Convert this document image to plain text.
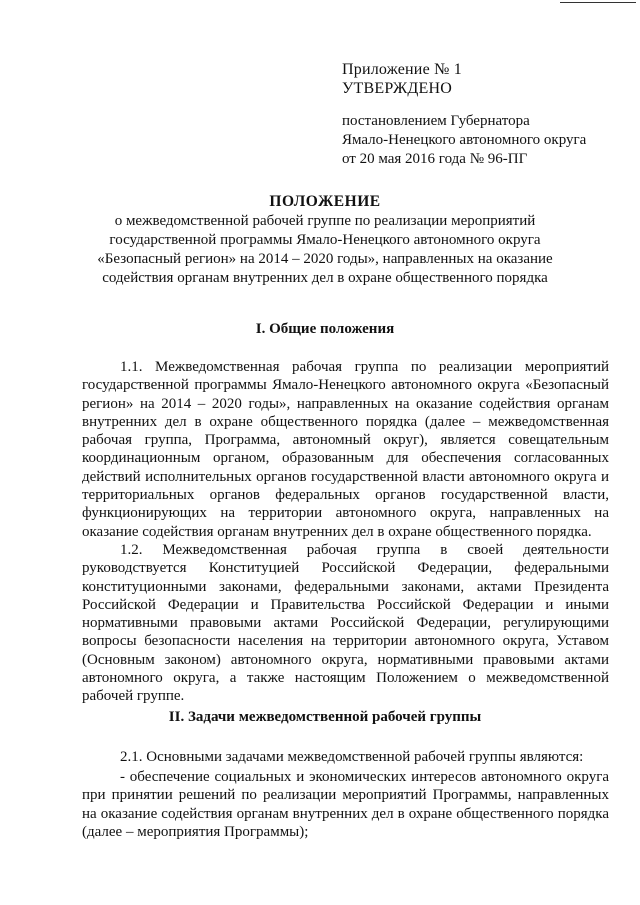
Приложение № 1
УТВЕРЖДЕНО
постановлением Губернатора
Ямало-Ненецкого автономного округа
от 20 мая 2016 года № 96-ПГ
ПОЛОЖЕНИЕ
о межведомственной рабочей группе по реализации мероприятий
государственной программы Ямало-Ненецкого автономного округа
«Безопасный регион» на 2014 – 2020 годы», направленных на оказание
содействия органам внутренних дел в охране общественного порядка
I. Общие положения

1.1. Межведомственная рабочая группа по реализации мероприятий государственной программы Ямало-Ненецкого автономного округа «Безопасный регион» на 2014 – 2020 годы», направленных на оказание содействия органам внутренних дел в охране общественного порядка (далее – межведомственная рабочая группа, Программа, автономный округ), является совещательным координационным органом, образованным для обеспечения согласованных действий исполнительных органов государственной власти автономного округа и территориальных органов федеральных органов государственной власти, функционирующих на территории автономного округа, направленных на оказание содействия органам внутренних дел в охране общественного порядка.

1.2. Межведомственная рабочая группа в своей деятельности руководствуется Конституцией Российской Федерации, федеральными конституционными законами, федеральными законами, актами Президента Российской Федерации и Правительства Российской Федерации и иными нормативными правовыми актами Российской Федерации, регулирующими вопросы безопасности населения на территории автономного округа, Уставом (Основным законом) автономного округа, нормативными правовыми актами автономного округа, а также настоящим Положением о межведомственной рабочей группе.

II. Задачи межведомственной рабочей группы

2.1. Основными задачами межведомственной рабочей группы являются:

- обеспечение социальных и экономических интересов автономного округа при принятии решений по реализации мероприятий Программы, направленных на оказание содействия органам внутренних дел в охране общественного порядка (далее – мероприятия Программы);
